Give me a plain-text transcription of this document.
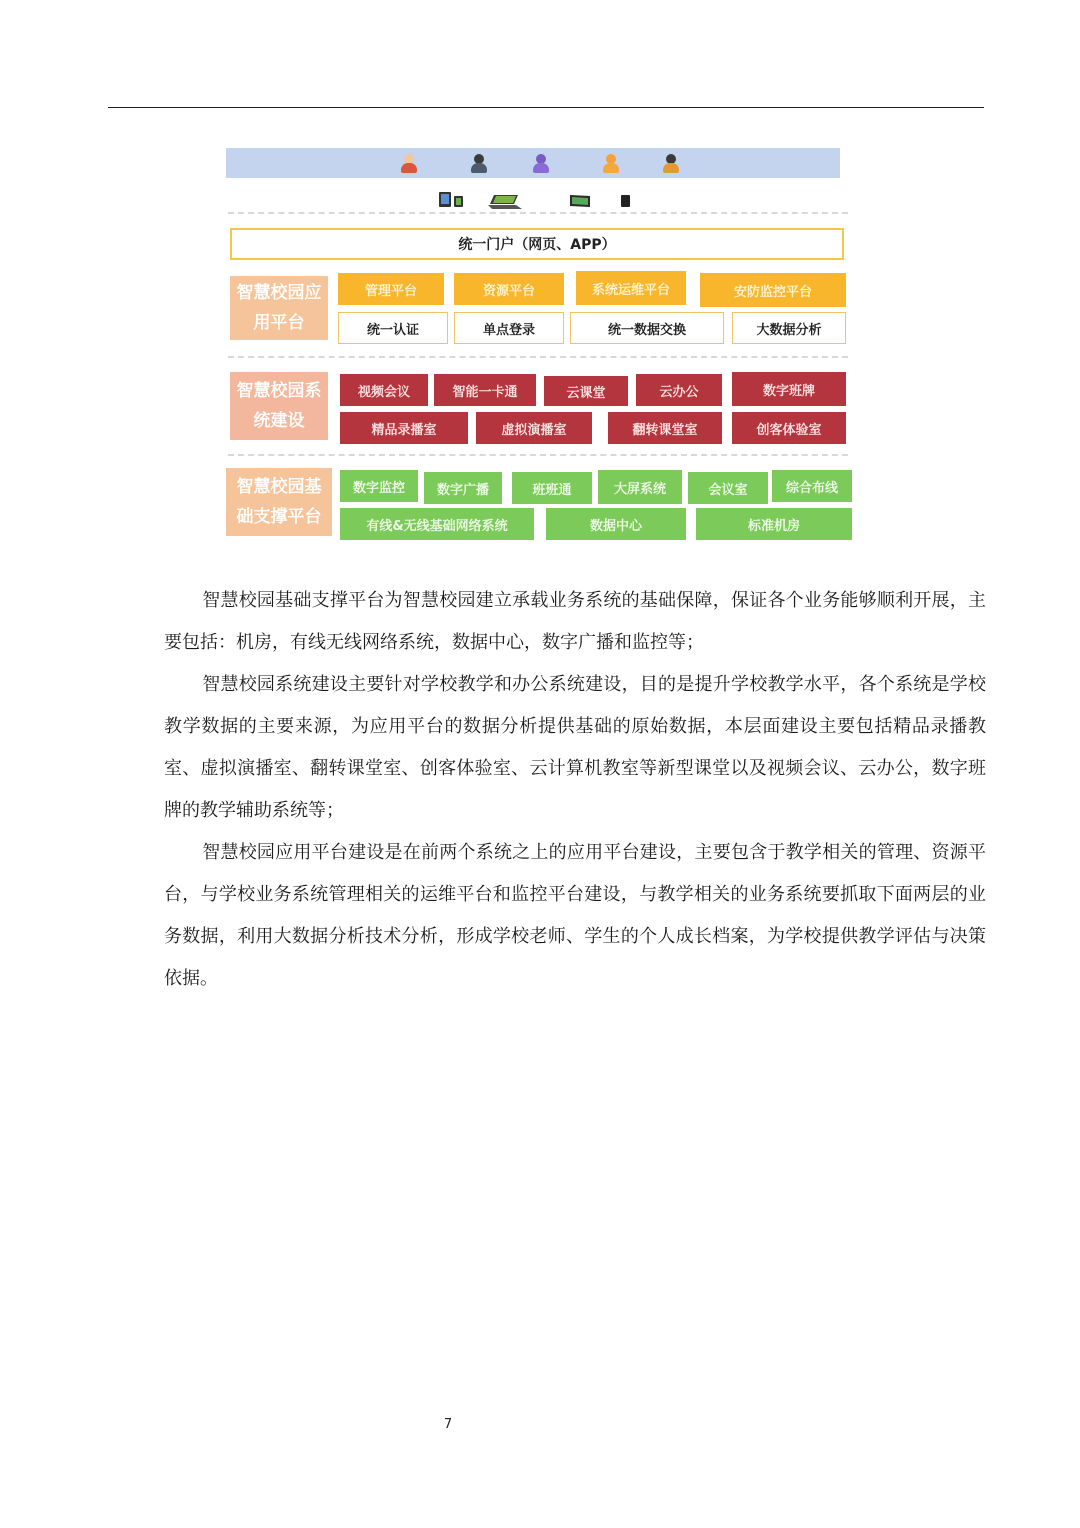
统一门户（网页、APP）
智慧校园应用平台
管理平台	资源平台	系统运维平台	安防监控平台
统一认证	单点登录	统一数据交换	大数据分析
智慧校园系统建设
视频会议	智能一卡通	云课堂	云办公	数字班牌
精品录播室	虚拟演播室	翻转课堂室	创客体验室
智慧校园基础支撑平台
数字监控	数字广播	班班通	大屏系统	会议室	综合布线
有线&无线基础网络系统	数据中心	标准机房

智慧校园基础支撑平台为智慧校园建立承载业务系统的基础保障，保证各个业务能够顺利开展，主要包括：机房，有线无线网络系统，数据中心，数字广播和监控等；

智慧校园系统建设主要针对学校教学和办公系统建设，目的是提升学校教学水平，各个系统是学校教学数据的主要来源，为应用平台的数据分析提供基础的原始数据，本层面建设主要包括精品录播教室、虚拟演播室、翻转课堂室、创客体验室、云计算机教室等新型课堂以及视频会议、云办公，数字班牌的教学辅助系统等；

智慧校园应用平台建设是在前两个系统之上的应用平台建设，主要包含于教学相关的管理、资源平台，与学校业务系统管理相关的运维平台和监控平台建设，与教学相关的业务系统要抓取下面两层的业务数据，利用大数据分析技术分析，形成学校老师、学生的个人成长档案，为学校提供教学评估与决策依据。

7
